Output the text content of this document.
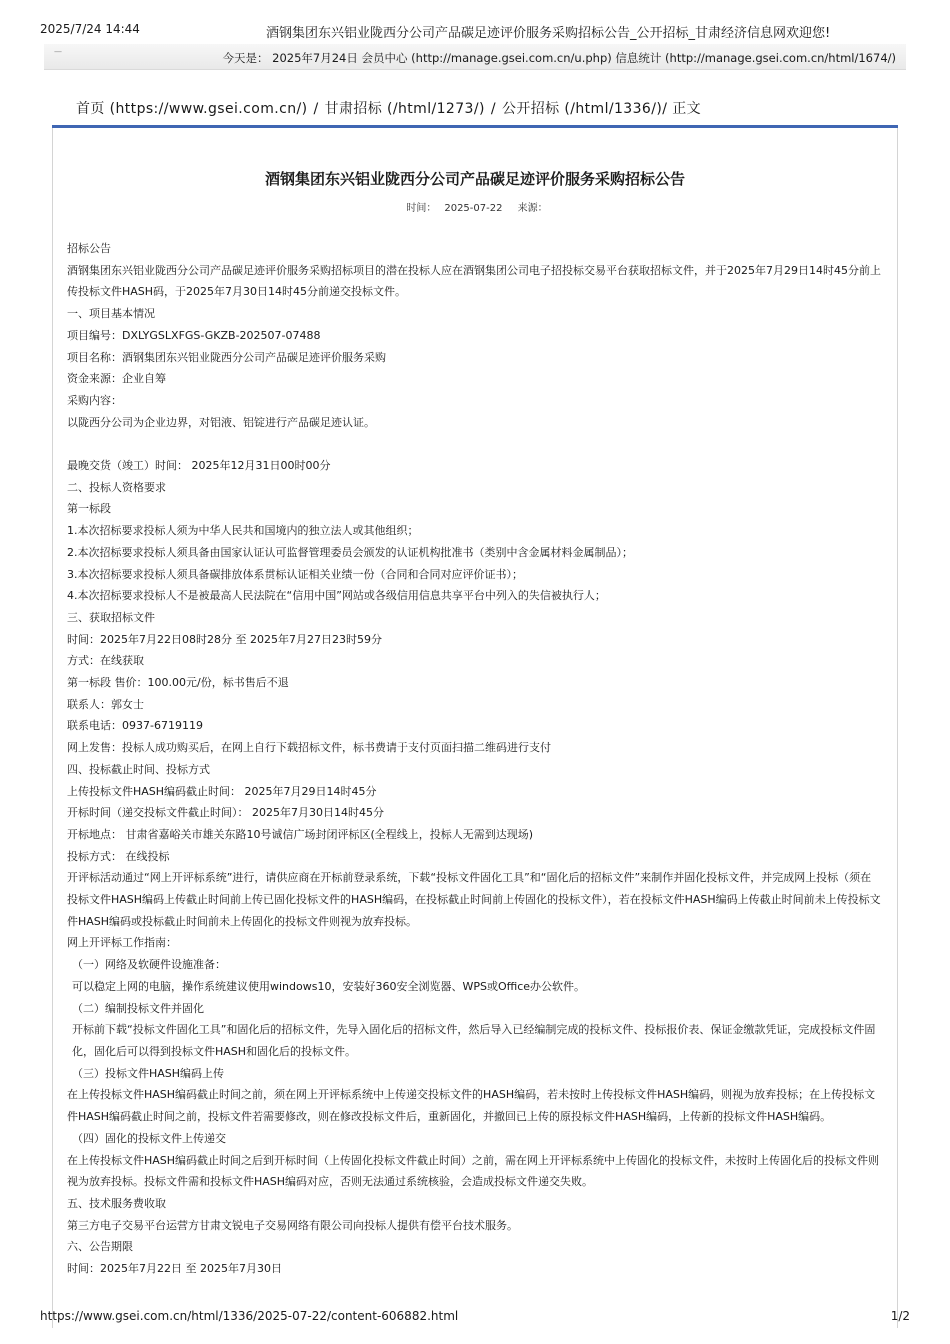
2025/7/24 14:44	酒钢集团东兴铝业陇西分公司产品碳足迹评价服务采购招标公告_公开招标_甘肃经济信息网欢迎您!
—	今天是： 2025年7月24日 会员中心 (http://manage.gsei.com.cn/u.php) 信息统计 (http://manage.gsei.com.cn/html/1674/)
首页 (https://www.gsei.com.cn/) / 甘肃招标 (/html/1273/) / 公开招标 (/html/1336/)/ 正文
酒钢集团东兴铝业陇西分公司产品碳足迹评价服务采购招标公告
时间： 2025-07-22 来源：

招标公告

酒钢集团东兴铝业陇西分公司产品碳足迹评价服务采购招标项目的潜在投标人应在酒钢集团公司电子招投标交易平台获取招标文件，并于2025年7月29日14时45分前上传投标文件HASH码，于2025年7月30日14时45分前递交投标文件。

一、项目基本情况

项目编号：DXLYGSLXFGS-GKZB-202507-07488

项目名称：酒钢集团东兴铝业陇西分公司产品碳足迹评价服务采购

资金来源：企业自筹

采购内容：

以陇西分公司为企业边界，对铝液、铝锭进行产品碳足迹认证。

最晚交货（竣工）时间： 2025年12月31日00时00分

二、投标人资格要求

第一标段

1.本次招标要求投标人须为中华人民共和国境内的独立法人或其他组织；

2.本次招标要求投标人须具备由国家认证认可监督管理委员会颁发的认证机构批准书（类别中含金属材料金属制品）；

3.本次招标要求投标人须具备碳排放体系贯标认证相关业绩一份（合同和合同对应评价证书）；

4.本次招标要求投标人不是被最高人民法院在“信用中国”网站或各级信用信息共享平台中列入的失信被执行人；

三、获取招标文件

时间：2025年7月22日08时28分 至 2025年7月27日23时59分

方式：在线获取

第一标段 售价：100.00元/份，标书售后不退

联系人：郭女士

联系电话：0937-6719119

网上发售：投标人成功购买后，在网上自行下载招标文件，标书费请于支付页面扫描二维码进行支付

四、投标截止时间、投标方式

上传投标文件HASH编码截止时间： 2025年7月29日14时45分

开标时间（递交投标文件截止时间）： 2025年7月30日14时45分

开标地点： 甘肃省嘉峪关市雄关东路10号诚信广场封闭评标区(全程线上，投标人无需到达现场)

投标方式： 在线投标

开评标活动通过“网上开评标系统”进行，请供应商在开标前登录系统，下载“投标文件固化工具”和“固化后的招标文件”来制作并固化投标文件，并完成网上投标（须在投标文件HASH编码上传截止时间前上传已固化投标文件的HASH编码，在投标截止时间前上传固化的投标文件），若在投标文件HASH编码上传截止时间前未上传投标文件HASH编码或投标截止时间前未上传固化的投标文件则视为放弃投标。

网上开评标工作指南：

（一）网络及软硬件设施准备：

可以稳定上网的电脑，操作系统建议使用windows10，安装好360安全浏览器、WPS或Office办公软件。

（二）编制投标文件并固化

开标前下载“投标文件固化工具”和固化后的招标文件，先导入固化后的招标文件，然后导入已经编制完成的投标文件、投标报价表、保证金缴款凭证，完成投标文件固化，固化后可以得到投标文件HASH和固化后的投标文件。

（三）投标文件HASH编码上传

在上传投标文件HASH编码截止时间之前，须在网上开评标系统中上传递交投标文件的HASH编码，若未按时上传投标文件HASH编码，则视为放弃投标；在上传投标文件HASH编码截止时间之前，投标文件若需要修改，则在修改投标文件后，重新固化，并撤回已上传的原投标文件HASH编码，上传新的投标文件HASH编码。

（四）固化的投标文件上传递交

在上传投标文件HASH编码截止时间之后到开标时间（上传固化投标文件截止时间）之前，需在网上开评标系统中上传固化的投标文件，未按时上传固化后的投标文件则视为放弃投标。投标文件需和投标文件HASH编码对应，否则无法通过系统核验，会造成投标文件递交失败。

五、技术服务费收取

第三方电子交易平台运营方甘肃文锐电子交易网络有限公司向投标人提供有偿平台技术服务。

六、公告期限

时间：2025年7月22日 至 2025年7月30日

https://www.gsei.com.cn/html/1336/2025-07-22/content-606882.html	1/2
